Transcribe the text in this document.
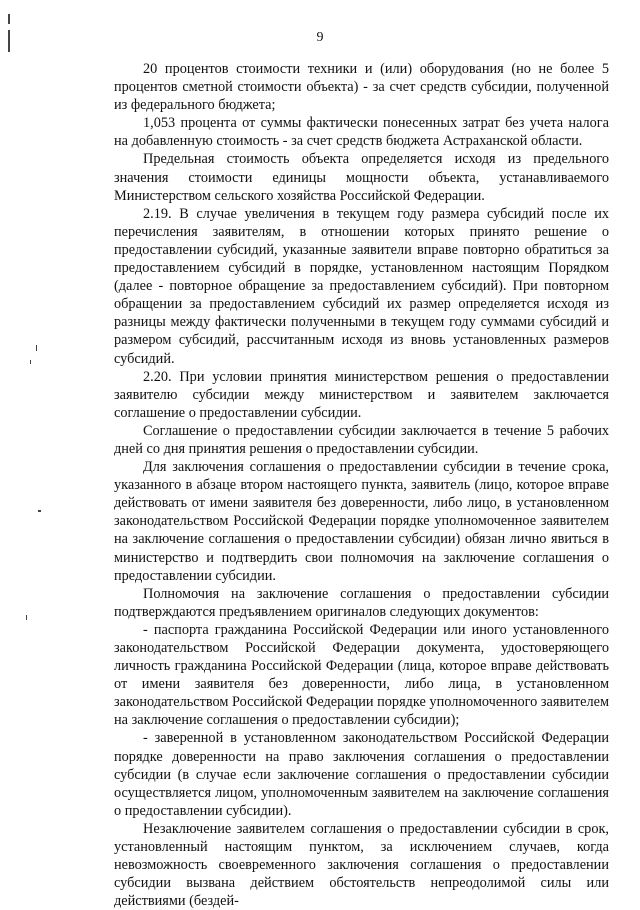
9

20 процентов стоимости техники и (или) оборудования (но не более 5 процентов сметной стоимости объекта) - за счет средств субсидии, полученной из федерального бюджета;

1,053 процента от суммы фактически понесенных затрат без учета налога на добавленную стоимость - за счет средств бюджета Астраханской области.

Предельная стоимость объекта определяется исходя из предельного значения стоимости единицы мощности объекта, устанавливаемого Министерством сельского хозяйства Российской Федерации.

2.19. В случае увеличения в текущем году размера субсидий после их перечисления заявителям, в отношении которых принято решение о предоставлении субсидий, указанные заявители вправе повторно обратиться за предоставлением субсидий в порядке, установленном настоящим Порядком (далее - повторное обращение за предоставлением субсидий). При повторном обращении за предоставлением субсидий их размер определяется исходя из разницы между фактически полученными в текущем году суммами субсидий и размером субсидий, рассчитанным исходя из вновь установленных размеров субсидий.

2.20. При условии принятия министерством решения о предоставлении заявителю субсидии между министерством и заявителем заключается соглашение о предоставлении субсидии.

Соглашение о предоставлении субсидии заключается в течение 5 рабочих дней со дня принятия решения о предоставлении субсидии.

Для заключения соглашения о предоставлении субсидии в течение срока, указанного в абзаце втором настоящего пункта, заявитель (лицо, которое вправе действовать от имени заявителя без доверенности, либо лицо, в установленном законодательством Российской Федерации порядке уполномоченное заявителем на заключение соглашения о предоставлении субсидии) обязан лично явиться в министерство и подтвердить свои полномочия на заключение соглашения о предоставлении субсидии.

Полномочия на заключение соглашения о предоставлении субсидии подтверждаются предъявлением оригиналов следующих документов:

- паспорта гражданина Российской Федерации или иного установленного законодательством Российской Федерации документа, удостоверяющего личность гражданина Российской Федерации (лица, которое вправе действовать от имени заявителя без доверенности, либо лица, в установленном законодательством Российской Федерации порядке уполномоченного заявителем на заключение соглашения о предоставлении субсидии);

- заверенной в установленном законодательством Российской Федерации порядке доверенности на право заключения соглашения о предоставлении субсидии (в случае если заключение соглашения о предоставлении субсидии осуществляется лицом, уполномоченным заявителем на заключение соглашения о предоставлении субсидии).

Незаключение заявителем соглашения о предоставлении субсидии в срок, установленный настоящим пунктом, за исключением случаев, когда невозможность своевременного заключения соглашения о предоставлении субсидии вызвана действием обстоятельств непреодолимой силы или действиями (бездей-
